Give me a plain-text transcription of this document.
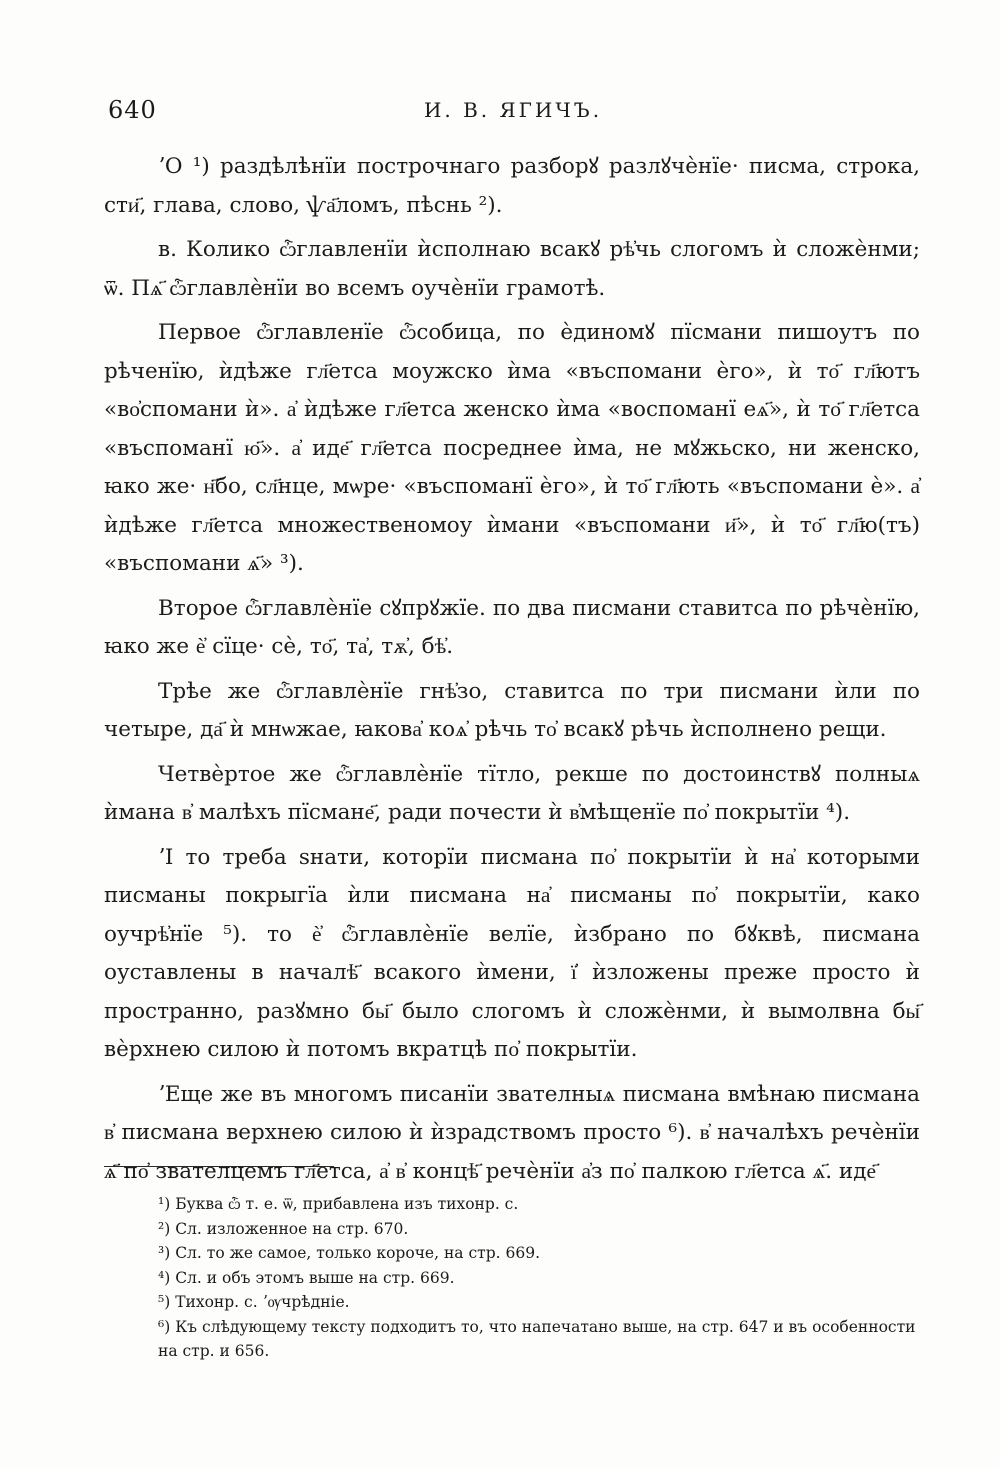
640	И. В. ЯГИЧЪ.

ʼО ¹) раздѣлѣнїи построчнаго разборꙋ разлꙋчѐнїе· писма, строка, сти҃, глава, слово, ѱа҃ломъ, пѣснь ²).

в. Колико ѽглавленїи ѝсполнаю всакꙋ рѣ҆чь слогомъ ѝ сложѐнми; ѿ. Пѧ҃ ѽглавлѐнїи во всемъ оучѐнїи грамотѣ.

Первое ѽглавленїе ѽсобица, по ѐдиномꙋ пїсмани пишоутъ по рѣченїю, ѝдѣже гл҃етса моужско ѝма «въспомани ѐго», ѝ то҃ гл҃ютъ «во҆спомани ѝ». а҆ ѝдѣже гл҃етса женско ѝма «воспоманї еѧ҃», ѝ то҃ гл҃етса «въспоманї ю҃». а҆ иде҃ гл҃етса посреднее ѝма, не мꙋжьско, ни женско, ꙗко же· н҃бо, сл҃нце, мѡре· «въспоманї ѐго», ѝ то҃ гл҃ють «въспомани ѐ». а҆ ѝдѣже гл҃етса множественомоу ѝмани «въспомани и҃», ѝ то҃ гл҃ю(тъ) «въспомани ѧ҃» ³).

Второе ѽглавлѐнїе сꙋпрꙋжїе. по два писмани ставитса по рѣчѐнїю, ꙗко же ѐ҆ сїце· сѐ, то҃, та҆, тѫ҆, бѣ҆.

Трѣе же ѽглавлѐнїе гнѣ҆зо, ставитса по три писмани ѝли по четыре, да҃ ѝ мнѡжае, ꙗкова҆ коѧ҆ рѣчь то҆ всакꙋ рѣчь ѝсполнено рещи.

Четвѐртое же ѽглавлѐнїе тїтло, рекше по достоинствꙋ полныѧ ѝмана в҆ малѣхъ пїсмане҃, ради почести ѝ в҆мѣщенїе по҆ покрытїи ⁴).

ʼІ то треба ѕнати, которїи писмана по҆ покрытїи ѝ на҆ которыми писманы покрыгїа ѝли писмана на҆ писманы по҆ покрытїи, како оучрѣ҆нїе ⁵). то ѐ҆ ѽглавлѐнїе велїе, ѝзбрано по бꙋквѣ, писмана оуставлены в началѣ҃ всакого ѝмени, ї҆ ѝзложены преже просто ѝ пространно, разꙋмно бы҃ было слогомъ ѝ сложѐнми, ѝ вымолвна бы҃ вѐрхнею силою ѝ потомъ вкратцѣ по҆ покрытїи.

ʼЕще же въ многомъ писанїи звателныѧ писмана вмѣнаю писмана в҆ писмана верхнею силою ѝ ѝзрадствомъ просто ⁶). в҆ началѣхъ речѐнїи ѧ҃ по҆ звателцемъ гл҃етса, а҆ в҆ концѣ҃ речѐнїи а҆з по҆ палкою гл҃етса ѧ҃. иде҃

¹) Буква ѽ т. е. ѿ, прибавлена изъ тихонр. с.

²) Сл. изложенное на стр. 670.

³) Сл. то же самое, только короче, на стр. 669.

⁴) Сл. и объ этомъ выше на стр. 669.

⁵) Тихонр. с. ʼѹчрѣднiе.

⁶) Къ слѣдующему тексту подходитъ то, что напечатано выше, на стр. 647 и въ особенности на стр. и 656.
